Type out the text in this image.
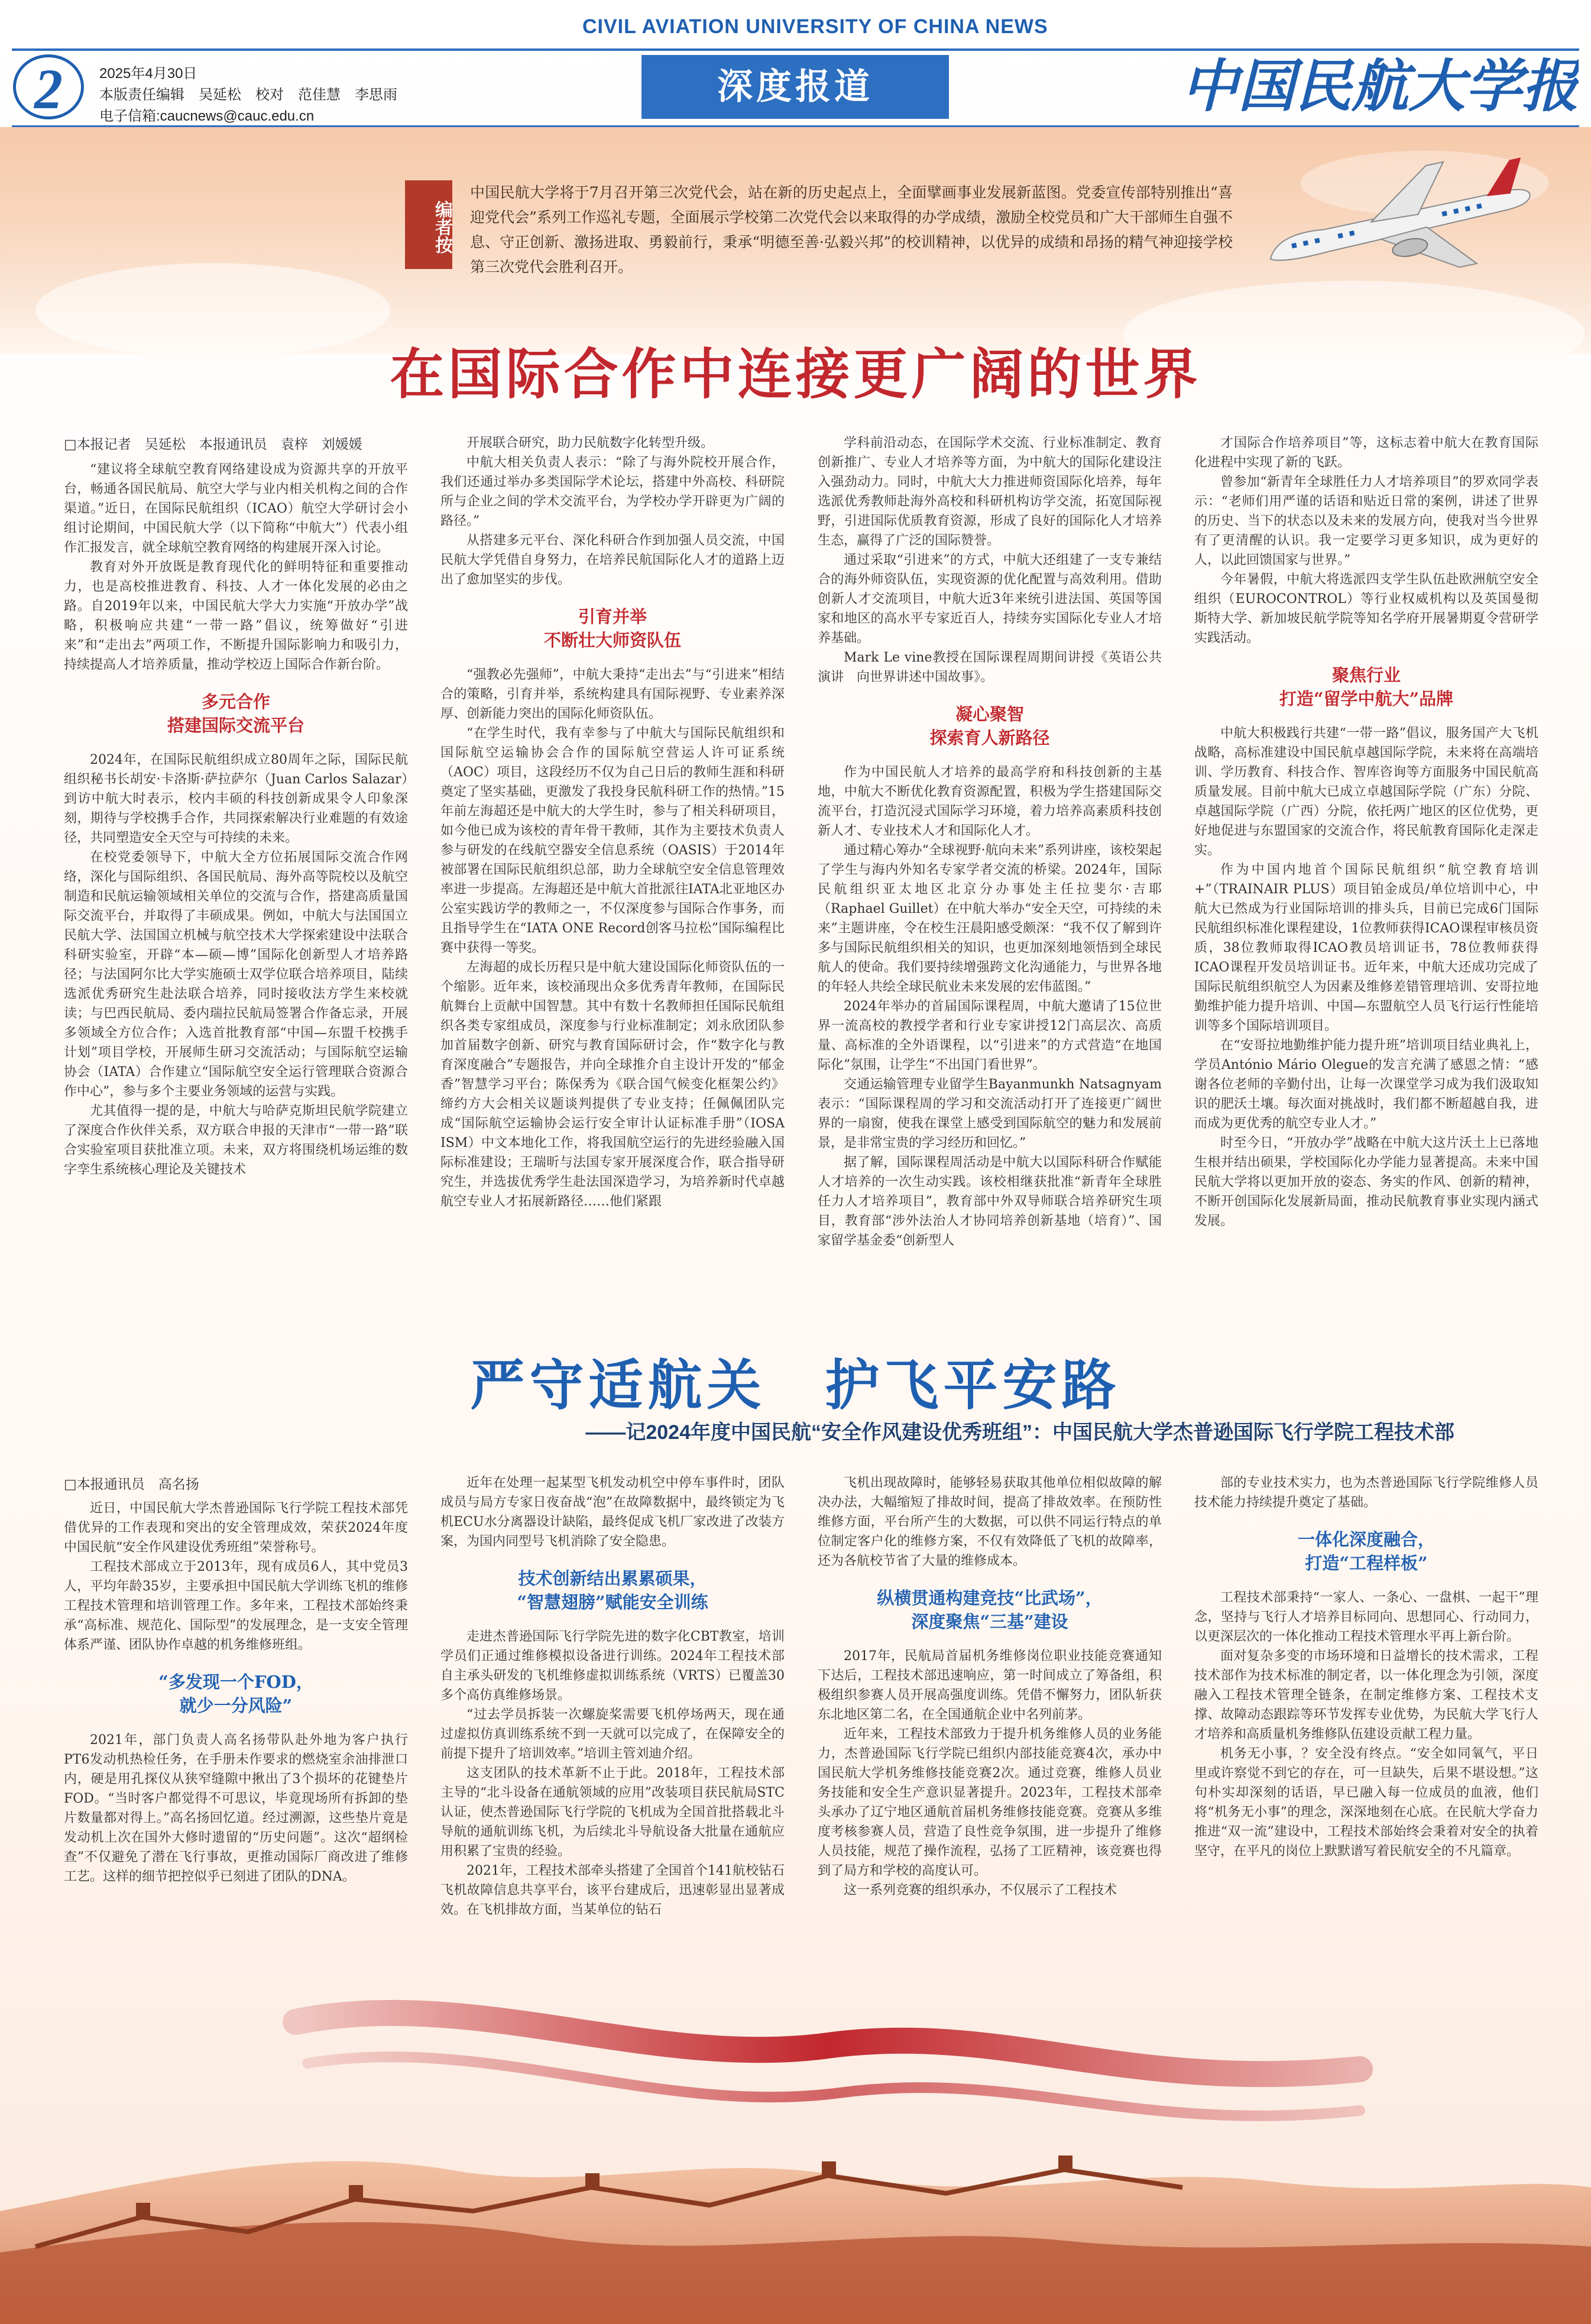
CIVIL AVIATION UNIVERSITY OF CHINA NEWS
2	2025年4月30日
本版责任编辑　吴延松　校对　范佳慧　李思雨
电子信箱:caucnews@cauc.edu.cn
深度报道	中国民航大学报
编者按
中国民航大学将于7月召开第三次党代会，站在新的历史起点上，全面擘画事业发展新蓝图。党委宣传部特别推出“喜迎党代会”系列工作巡礼专题，全面展示学校第二次党代会以来取得的办学成绩，激励全校党员和广大干部师生自强不息、守正创新、激扬进取、勇毅前行，秉承“明德至善·弘毅兴邦”的校训精神，以优异的成绩和昂扬的精气神迎接学校第三次党代会胜利召开。
在国际合作中连接更广阔的世界
□本报记者　吴延松　本报通讯员　袁梓　刘媛媛

“建议将全球航空教育网络建设成为资源共享的开放平台，畅通各国民航局、航空大学与业内相关机构之间的合作渠道。”近日，在国际民航组织（ICAO）航空大学研讨会小组讨论期间，中国民航大学（以下简称“中航大”）代表小组作汇报发言，就全球航空教育网络的构建展开深入讨论。

教育对外开放既是教育现代化的鲜明特征和重要推动力，也是高校推进教育、科技、人才一体化发展的必由之路。自2019年以来，中国民航大学大力实施“开放办学”战略，积极响应共建“一带一路”倡议，统筹做好“引进来”和“走出去”两项工作，不断提升国际影响力和吸引力，持续提高人才培养质量，推动学校迈上国际合作新台阶。

多元合作
搭建国际交流平台

2024年，在国际民航组织成立80周年之际，国际民航组织秘书长胡安·卡洛斯·萨拉萨尔（Juan Carlos Salazar）到访中航大时表示，校内丰硕的科技创新成果令人印象深刻，期待与学校携手合作，共同探索解决行业难题的有效途径，共同塑造安全天空与可持续的未来。

在校党委领导下，中航大全方位拓展国际交流合作网络，深化与国际组织、各国民航局、海外高等院校以及航空制造和民航运输领域相关单位的交流与合作，搭建高质量国际交流平台，并取得了丰硕成果。例如，中航大与法国国立民航大学、法国国立机械与航空技术大学探索建设中法联合科研实验室，开辟“本—硕—博”国际化创新型人才培养路径；与法国阿尔比大学实施硕士双学位联合培养项目，陆续选派优秀研究生赴法联合培养，同时接收法方学生来校就读；与巴西民航局、委内瑞拉民航局签署合作备忘录，开展多领域全方位合作；入选首批教育部“中国—东盟千校携手计划”项目学校，开展师生研习交流活动；与国际航空运输协会（IATA）合作建立“国际航空安全运行管理联合资源合作中心”，参与多个主要业务领域的运营与实践。

尤其值得一提的是，中航大与哈萨克斯坦民航学院建立了深度合作伙伴关系，双方联合申报的天津市“一带一路”联合实验室项目获批准立项。未来，双方将围绕机场运维的数字孪生系统核心理论及关键技术

开展联合研究，助力民航数字化转型升级。

中航大相关负责人表示：“除了与海外院校开展合作，我们还通过举办多类国际学术论坛，搭建中外高校、科研院所与企业之间的学术交流平台，为学校办学开辟更为广阔的路径。”

从搭建多元平台、深化科研合作到加强人员交流，中国民航大学凭借自身努力，在培养民航国际化人才的道路上迈出了愈加坚实的步伐。

引育并举
不断壮大师资队伍

“强教必先强师”，中航大秉持“走出去”与“引进来”相结合的策略，引育并举，系统构建具有国际视野、专业素养深厚、创新能力突出的国际化师资队伍。

“在学生时代，我有幸参与了中航大与国际民航组织和国际航空运输协会合作的国际航空营运人许可证系统（AOC）项目，这段经历不仅为自己日后的教师生涯和科研奠定了坚实基础，更激发了我投身民航科研工作的热情。”15年前左海超还是中航大的大学生时，参与了相关科研项目，如今他已成为该校的青年骨干教师，其作为主要技术负责人参与研发的在线航空器安全信息系统（OASIS）于2014年被部署在国际民航组织总部，助力全球航空安全信息管理效率进一步提高。左海超还是中航大首批派往IATA北亚地区办公室实践访学的教师之一，不仅深度参与国际合作事务，而且指导学生在“IATA ONE Record创客马拉松”国际编程比赛中获得一等奖。

左海超的成长历程只是中航大建设国际化师资队伍的一个缩影。近年来，该校涌现出众多优秀青年教师，在国际民航舞台上贡献中国智慧。其中有数十名教师担任国际民航组织各类专家组成员，深度参与行业标准制定；刘永欣团队参加首届数字创新、研究与教育国际研讨会，作“数字化与教育深度融合”专题报告，并向全球推介自主设计开发的“郁金香”智慧学习平台；陈保秀为《联合国气候变化框架公约》缔约方大会相关议题谈判提供了专业支持；任佩佩团队完成“国际航空运输协会运行安全审计认证标准手册”（IOSA ISM）中文本地化工作，将我国航空运行的先进经验融入国际标准建设；王瑞昕与法国专家开展深度合作，联合指导研究生，并选拔优秀学生赴法国深造学习，为培养新时代卓越航空专业人才拓展新路径……他们紧跟

学科前沿动态，在国际学术交流、行业标准制定、教育创新推广、专业人才培养等方面，为中航大的国际化建设注入强劲动力。同时，中航大大力推进师资国际化培养，每年选派优秀教师赴海外高校和科研机构访学交流，拓宽国际视野，引进国际优质教育资源，形成了良好的国际化人才培养生态，赢得了广泛的国际赞誉。

通过采取“引进来”的方式，中航大还组建了一支专兼结合的海外师资队伍，实现资源的优化配置与高效利用。借助创新人才交流项目，中航大近3年来统引进法国、英国等国家和地区的高水平专家近百人，持续夯实国际化专业人才培养基础。

Mark Le vine教授在国际课程周期间讲授《英语公共演讲　向世界讲述中国故事》。

凝心聚智
探索育人新路径

作为中国民航人才培养的最高学府和科技创新的主基地，中航大不断优化教育资源配置，积极为学生搭建国际交流平台，打造沉浸式国际学习环境，着力培养高素质科技创新人才、专业技术人才和国际化人才。

通过精心筹办“全球视野·航向未来”系列讲座，该校架起了学生与海内外知名专家学者交流的桥梁。2024年，国际民航组织亚太地区北京分办事处主任拉斐尔·吉耶（Raphael Guillet）在中航大举办“安全天空，可持续的未来”主题讲座，令在校生汪晨阳感受颇深：“我不仅了解到许多与国际民航组织相关的知识，也更加深刻地领悟到全球民航人的使命。我们要持续增强跨文化沟通能力，与世界各地的年轻人共绘全球民航业未来发展的宏伟蓝图。”

2024年举办的首届国际课程周，中航大邀请了15位世界一流高校的教授学者和行业专家讲授12门高层次、高质量、高标准的全外语课程，以“引进来”的方式营造“在地国际化”氛围，让学生“不出国门看世界”。

交通运输管理专业留学生Bayanmunkh Natsagnyam表示：“国际课程周的学习和交流活动打开了连接更广阔世界的一扇窗，使我在课堂上感受到国际航空的魅力和发展前景，是非常宝贵的学习经历和回忆。”

据了解，国际课程周活动是中航大以国际科研合作赋能人才培养的一次生动实践。该校相继获批准“新青年全球胜任力人才培养项目”，教育部中外双导师联合培养研究生项目，教育部“涉外法治人才协同培养创新基地（培育）”、国家留学基金委“创新型人

才国际合作培养项目”等，这标志着中航大在教育国际化进程中实现了新的飞跃。

曾参加“新青年全球胜任力人才培养项目”的罗欢同学表示：“老师们用严谨的话语和贴近日常的案例，讲述了世界的历史、当下的状态以及未来的发展方向，使我对当今世界有了更清醒的认识。我一定要学习更多知识，成为更好的人，以此回馈国家与世界。”

今年暑假，中航大将选派四支学生队伍赴欧洲航空安全组织（EUROCONTROL）等行业权威机构以及英国曼彻斯特大学、新加坡民航学院等知名学府开展暑期夏令营研学实践活动。

聚焦行业
打造“留学中航大”品牌

中航大积极践行共建“一带一路”倡议，服务国产大飞机战略，高标准建设中国民航卓越国际学院，未来将在高端培训、学历教育、科技合作、智库咨询等方面服务中国民航高质量发展。目前中航大已成立卓越国际学院（广东）分院、卓越国际学院（广西）分院，依托两广地区的区位优势，更好地促进与东盟国家的交流合作，将民航教育国际化走深走实。

作为中国内地首个国际民航组织“航空教育培训+”（TRAINAIR PLUS）项目铂金成员/单位培训中心，中航大已然成为行业国际培训的排头兵，目前已完成6门国际民航组织标准化课程建设，1位教师获得ICAO课程审核员资质，38位教师取得ICAO教员培训证书，78位教师获得ICAO课程开发员培训证书。近年来，中航大还成功完成了国际民航组织航空人为因素及维修差错管理培训、安哥拉地勤维护能力提升培训、中国—东盟航空人员飞行运行性能培训等多个国际培训项目。

在“安哥拉地勤维护能力提升班”培训项目结业典礼上，学员António Mário Olegue的发言充满了感恩之情：“感谢各位老师的辛勤付出，让每一次课堂学习成为我们汲取知识的肥沃土壤。每次面对挑战时，我们都不断超越自我，进而成为更优秀的航空专业人才。”

时至今日，“开放办学”战略在中航大这片沃土上已落地生根并结出硕果，学校国际化办学能力显著提高。未来中国民航大学将以更加开放的姿态、务实的作风、创新的精神，不断开创国际化发展新局面，推动民航教育事业实现内涵式发展。

严守适航关　护飞平安路
——记2024年度中国民航“安全作风建设优秀班组”：中国民航大学杰普逊国际飞行学院工程技术部
□本报通讯员　高名扬

近日，中国民航大学杰普逊国际飞行学院工程技术部凭借优异的工作表现和突出的安全管理成效，荣获2024年度中国民航“安全作风建设优秀班组”荣誉称号。

工程技术部成立于2013年，现有成员6人，其中党员3人，平均年龄35岁，主要承担中国民航大学训练飞机的维修工程技术管理和培训管理工作。多年来，工程技术部始终秉承“高标准、规范化、国际型”的发展理念，是一支安全管理体系严谨、团队协作卓越的机务维修班组。

“多发现一个FOD，
就少一分风险”

2021年，部门负责人高名扬带队赴外地为客户执行PT6发动机热检任务，在手册未作要求的燃烧室余油排泄口内，硬是用孔探仪从狭窄缝隙中揪出了3个损坏的花键垫片FOD。“当时客户都觉得不可思议，毕竟现场所有拆卸的垫片数量都对得上。”高名扬回忆道。经过溯源，这些垫片竟是发动机上次在国外大修时遗留的“历史问题”。这次“超纲检查”不仅避免了潜在飞行事故，更推动国际厂商改进了维修工艺。这样的细节把控似乎已刻进了团队的DNA。

近年在处理一起某型飞机发动机空中停车事件时，团队成员与局方专家日夜奋战“泡”在故障数据中，最终锁定为飞机ECU水分离器设计缺陷，最终促成飞机厂家改进了改装方案，为国内同型号飞机消除了安全隐患。

技术创新结出累累硕果，
“智慧翅膀”赋能安全训练

走进杰普逊国际飞行学院先进的数字化CBT教室，培训学员们正通过维修模拟设备进行训练。2024年工程技术部自主承头研发的飞机维修虚拟训练系统（VRTS）已覆盖30多个高仿真维修场景。

“过去学员拆装一次螺旋桨需要飞机停场两天，现在通过虚拟仿真训练系统不到一天就可以完成了，在保障安全的前提下提升了培训效率。”培训主管刘迪介绍。

这支团队的技术革新不止于此。2018年，工程技术部主导的“北斗设备在通航领域的应用”改装项目获民航局STC认证，使杰普逊国际飞行学院的飞机成为全国首批搭载北斗导航的通航训练飞机，为后续北斗导航设备大批量在通航应用积累了宝贵的经验。

2021年，工程技术部牵头搭建了全国首个141航校钻石飞机故障信息共享平台，该平台建成后，迅速彰显出显著成效。在飞机排故方面，当某单位的钻石

飞机出现故障时，能够轻易获取其他单位相似故障的解决办法，大幅缩短了排故时间，提高了排故效率。在预防性维修方面，平台所产生的大数据，可以供不同运行特点的单位制定客户化的维修方案，不仅有效降低了飞机的故障率，还为各航校节省了大量的维修成本。

纵横贯通构建竞技“比武场”，
深度聚焦“三基”建设

2017年，民航局首届机务维修岗位职业技能竞赛通知下达后，工程技术部迅速响应，第一时间成立了筹备组，积极组织参赛人员开展高强度训练。凭借不懈努力，团队斩获东北地区第二名，在全国通航企业中名列前茅。

近年来，工程技术部致力于提升机务维修人员的业务能力，杰普逊国际飞行学院已组织内部技能竞赛4次，承办中国民航大学机务维修技能竞赛2次。通过竞赛，维修人员业务技能和安全生产意识显著提升。2023年，工程技术部牵头承办了辽宁地区通航首届机务维修技能竞赛。竞赛从多维度考核参赛人员，营造了良性竞争氛围，进一步提升了维修人员技能，规范了操作流程，弘扬了工匠精神，该竞赛也得到了局方和学校的高度认可。

这一系列竞赛的组织承办，不仅展示了工程技术

部的专业技术实力，也为杰普逊国际飞行学院维修人员技术能力持续提升奠定了基础。

一体化深度融合，
打造“工程样板”

工程技术部秉持“一家人、一条心、一盘棋、一起干”理念，坚持与飞行人才培养目标同向、思想同心、行动同力，以更深层次的一体化推动工程技术管理水平再上新台阶。

面对复杂多变的市场环境和日益增长的技术需求，工程技术部作为技术标准的制定者，以一体化理念为引领，深度融入工程技术管理全链条，在制定维修方案、工程技术支撑、故障动态跟踪等环节发挥专业优势，为民航大学飞行人才培养和高质量机务维修队伍建设贡献工程力量。

机务无小事，？安全没有终点。“安全如同氧气，平日里或许察觉不到它的存在，可一旦缺失，后果不堪设想。”这句朴实却深刻的话语，早已融入每一位成员的血液，他们将“机务无小事”的理念，深深地刻在心底。在民航大学奋力推进“双一流”建设中，工程技术部始终会秉着对安全的执着坚守，在平凡的岗位上默默谱写着民航安全的不凡篇章。
